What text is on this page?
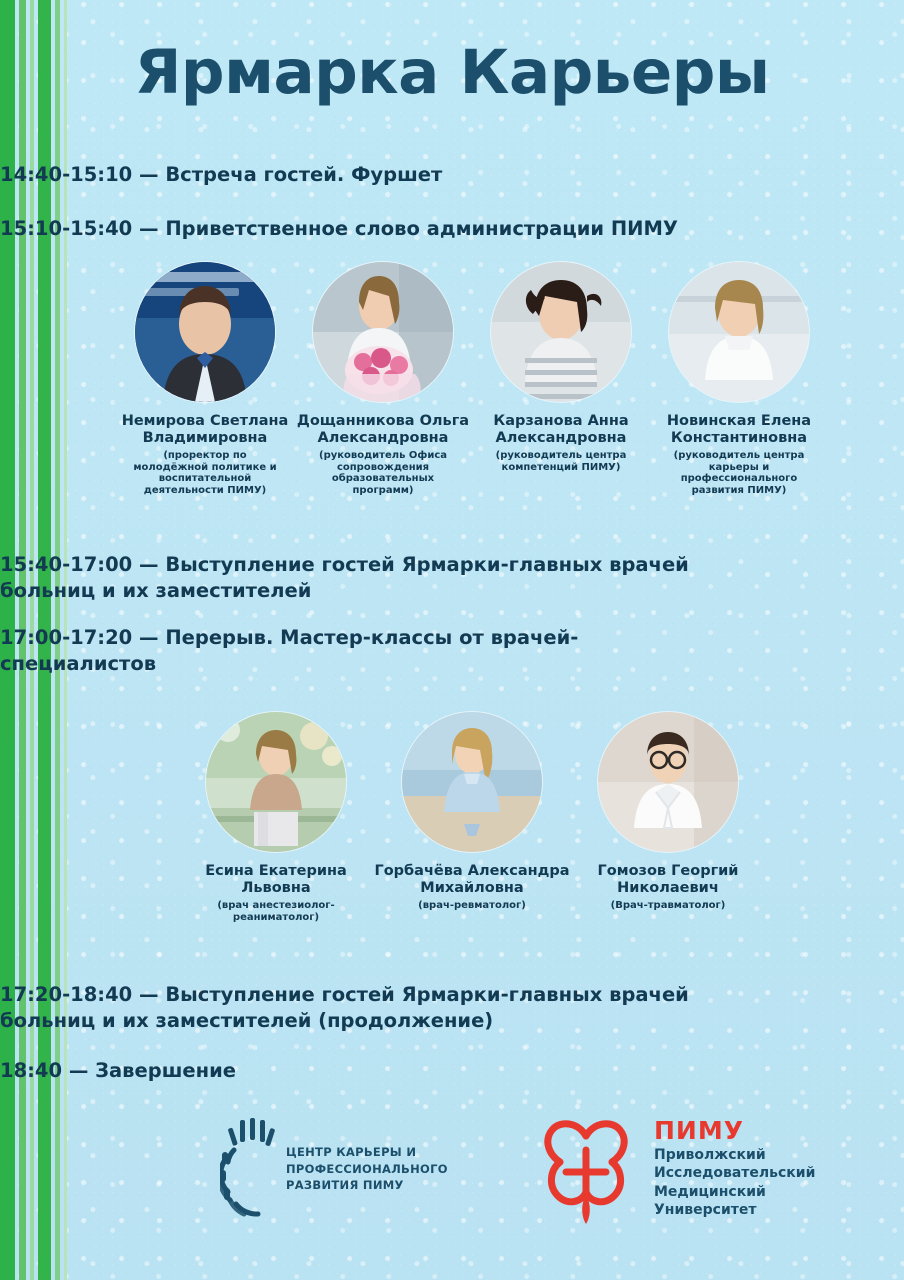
Ярмарка Карьеры
14:40-15:10 — Встреча гостей. Фуршет
15:10-15:40 — Приветственное слово администрации ПИМУ
Немирова Светлана Владимировна
(проректор по молодёжной политике и воспитательной деятельности ПИМУ)
Дощанникова Ольга Александровна
(руководитель Офиса сопровождения образовательных программ)
Карзанова Анна Александровна
(руководитель центра компетенций ПИМУ)
Новинская Елена Константиновна
(руководитель центра карьеры и профессионального развития ПИМУ)
15:40-17:00 — Выступление гостей Ярмарки-главных врачей больниц и их заместителей
17:00-17:20 — Перерыв. Мастер-классы от врачей-специалистов
Есина Екатерина Львовна
(врач анестезиолог-реаниматолог)
Горбачёва Александра Михайловна
(врач-ревматолог)
Гомозов Георгий Николаевич
(Врач-травматолог)
17:20-18:40 — Выступление гостей Ярмарки-главных врачей больниц и их заместителей (продолжение)
18:40 — Завершение
ЦЕНТР КАРЬЕРЫ И
ПРОФЕССИОНАЛЬНОГО
РАЗВИТИЯ ПИМУ
ПИМУ
Приволжский
Исследовательский
Медицинский
Университет
